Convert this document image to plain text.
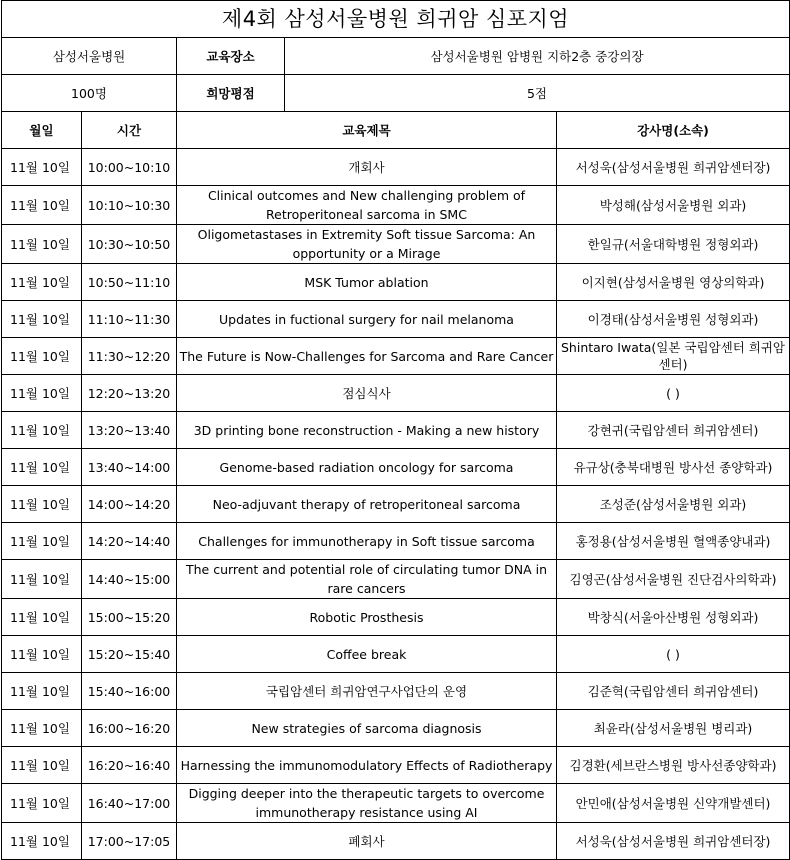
제4회 삼성서울병원 희귀암 심포지엄				
삼성서울병원		교육장소	삼성서울병원 암병원 지하2층 중강의장	
100명		희망평점	5점	
월일	시간	교육제목		강사명(소속)
11월 10일	10:00~10:10	개회사		서성욱(삼성서울병원 희귀암센터장)
11월 10일	10:10~10:30	Clinical outcomes and New challenging problem of Retroperitoneal sarcoma in SMC		박성해(삼성서울병원 외과)
11월 10일	10:30~10:50	Oligometastases in Extremity Soft tissue Sarcoma: An opportunity or a Mirage		한일규(서울대학병원 정형외과)
11월 10일	10:50~11:10	MSK Tumor ablation		이지현(삼성서울병원 영상의학과)
11월 10일	11:10~11:30	Updates in fuctional surgery for nail melanoma		이경태(삼성서울병원 성형외과)
11월 10일	11:30~12:20	The Future is Now-Challenges for Sarcoma and Rare Cancer		Shintaro Iwata(일본 국립암센터 희귀암센터)
11월 10일	12:20~13:20	점심식사		( )
11월 10일	13:20~13:40	3D printing bone reconstruction - Making a new history		강현귀(국립암센터 희귀암센터)
11월 10일	13:40~14:00	Genome-based radiation oncology for sarcoma		유규상(충북대병원 방사선 종양학과)
11월 10일	14:00~14:20	Neo-adjuvant therapy of retroperitoneal sarcoma		조성준(삼성서울병원 외과)
11월 10일	14:20~14:40	Challenges for immunotherapy in Soft tissue sarcoma		홍정용(삼성서울병원 혈액종양내과)
11월 10일	14:40~15:00	The current and potential role of circulating tumor DNA in rare cancers		김영곤(삼성서울병원 진단검사의학과)
11월 10일	15:00~15:20	Robotic Prosthesis		박창식(서울아산병원 성형외과)
11월 10일	15:20~15:40	Coffee break		( )
11월 10일	15:40~16:00	국립암센터 희귀암연구사업단의 운영		김준혁(국립암센터 희귀암센터)
11월 10일	16:00~16:20	New strategies of sarcoma diagnosis		최윤라(삼성서울병원 병리과)
11월 10일	16:20~16:40	Harnessing the immunomodulatory Effects of Radiotherapy		김경환(세브란스병원 방사선종양학과)
11월 10일	16:40~17:00	Digging deeper into the therapeutic targets to overcome immunotherapy resistance using AI		안민애(삼성서울병원 신약개발센터)
11월 10일	17:00~17:05	폐회사		서성욱(삼성서울병원 희귀암센터장)
